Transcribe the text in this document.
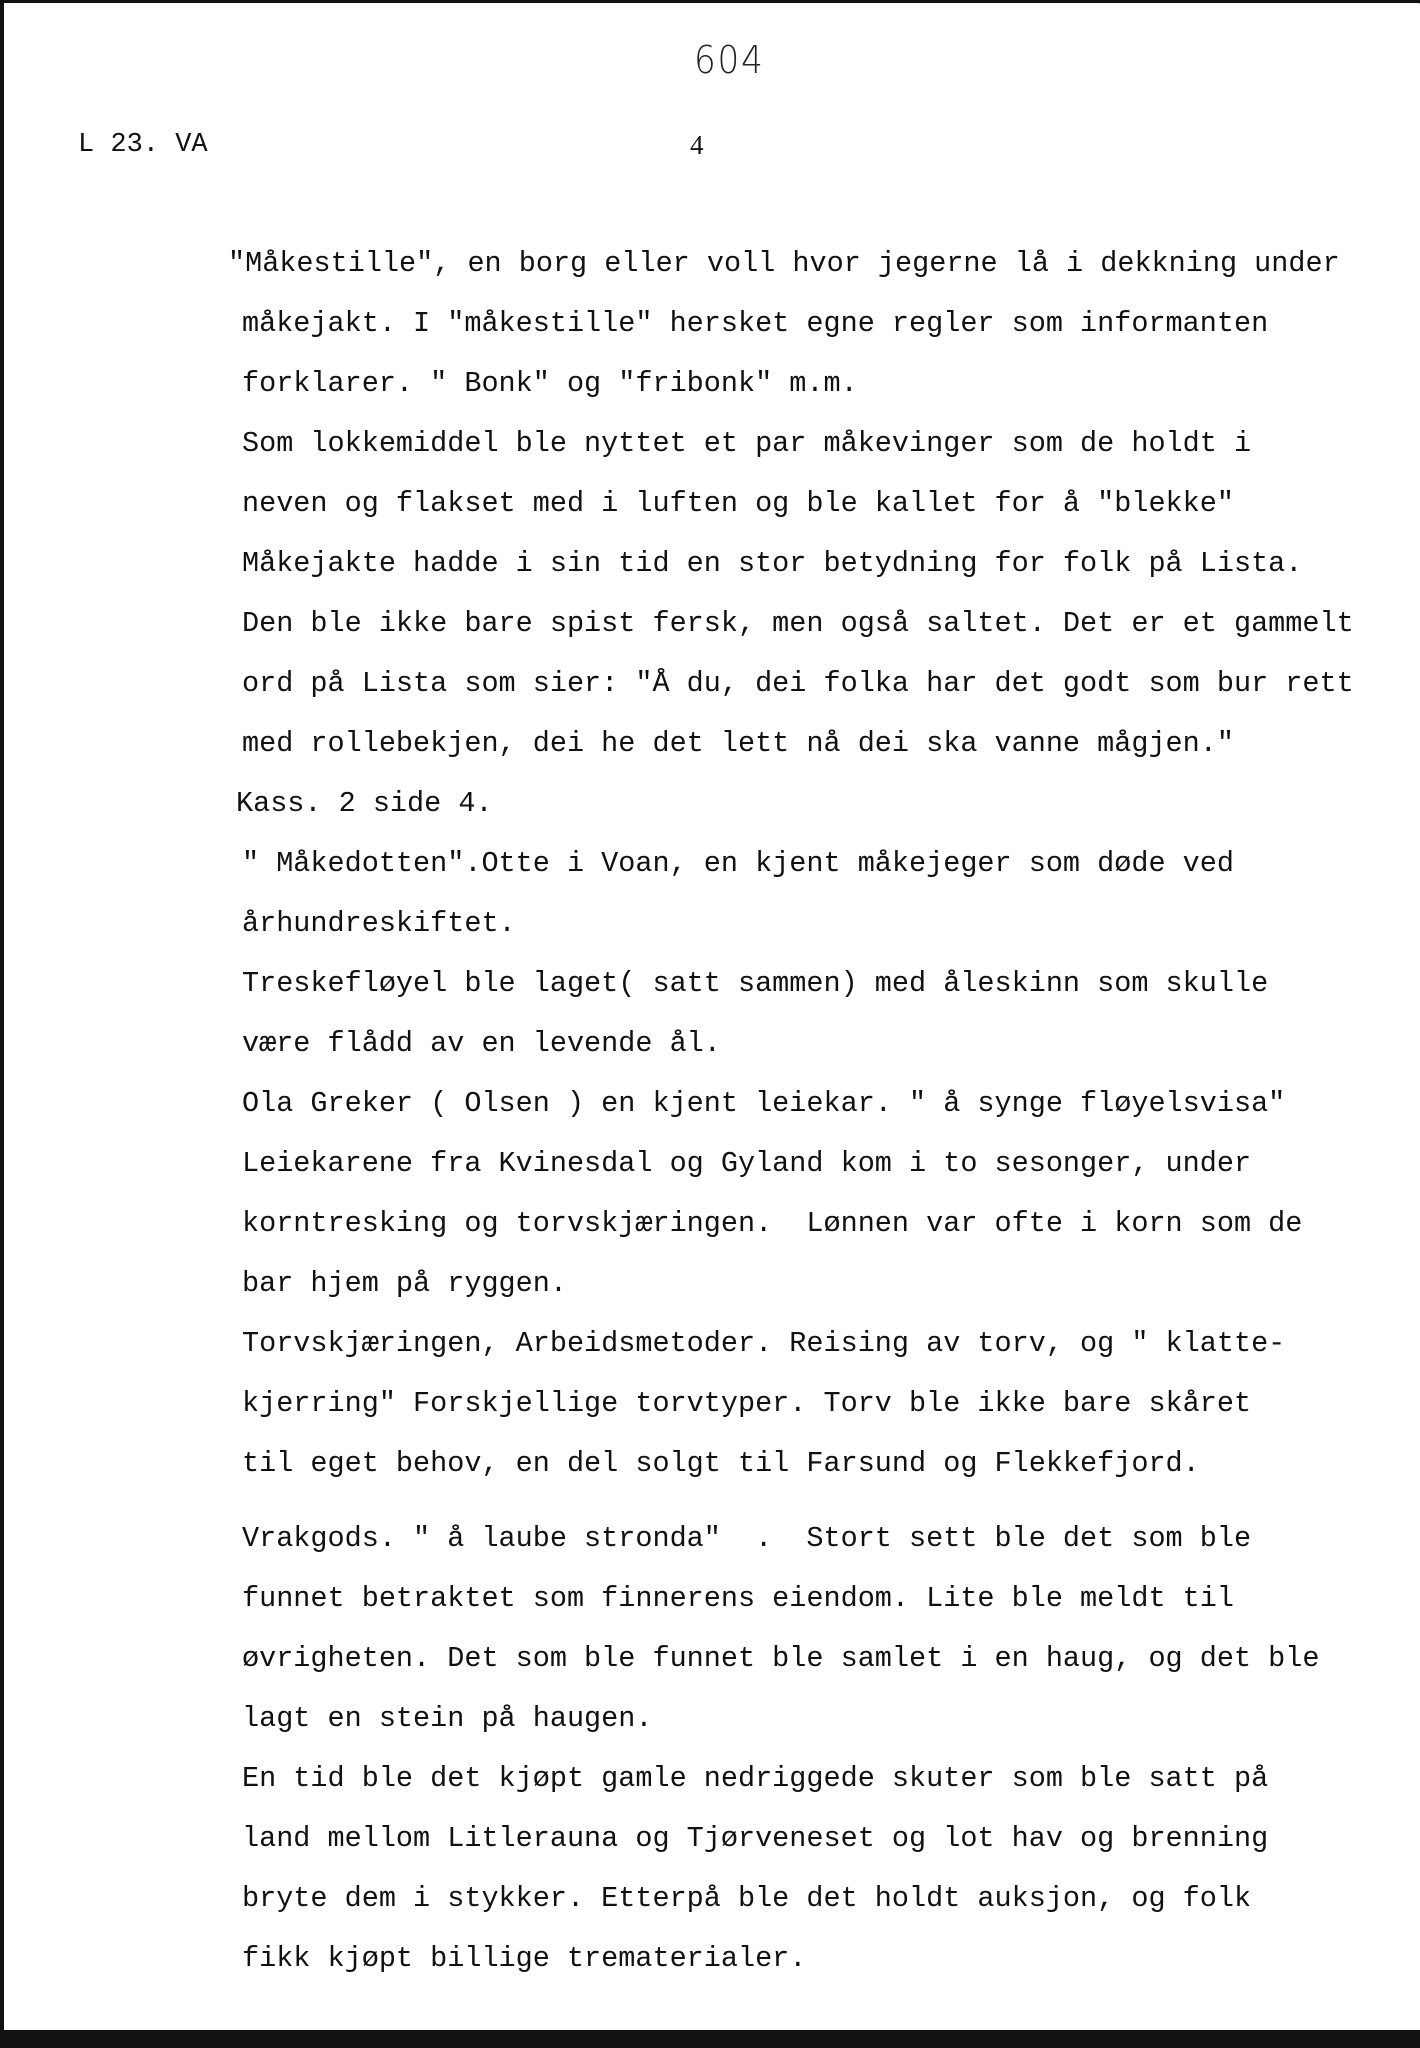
604
L 23. VA	4
"Måkestille", en borg eller voll hvor jegerne lå i dekkning under
måkejakt. I "måkestille" hersket egne regler som informanten
forklarer. " Bonk" og "fribonk" m.m.
Som lokkemiddel ble nyttet et par måkevinger som de holdt i
neven og flakset med i luften og ble kallet for å "blekke"
Måkejakte hadde i sin tid en stor betydning for folk på Lista.
Den ble ikke bare spist fersk, men også saltet. Det er et gammelt
ord på Lista som sier: "Å du, dei folka har det godt som bur rett
med rollebekjen, dei he det lett nå dei ska vanne mågjen."
Kass. 2 side 4.
" Måkedotten".Otte i Voan, en kjent måkejeger som døde ved
århundreskiftet.
Treskefløyel ble laget( satt sammen) med åleskinn som skulle
være flådd av en levende ål.
Ola Greker ( Olsen ) en kjent leiekar. " å synge fløyelsvisa"
Leiekarene fra Kvinesdal og Gyland kom i to sesonger, under
korntresking og torvskjæringen.  Lønnen var ofte i korn som de
bar hjem på ryggen.
Torvskjæringen, Arbeidsmetoder. Reising av torv, og " klatte-
kjerring" Forskjellige torvtyper. Torv ble ikke bare skåret
til eget behov, en del solgt til Farsund og Flekkefjord.
Vrakgods. " å laube stronda"  .  Stort sett ble det som ble
funnet betraktet som finnerens eiendom. Lite ble meldt til
øvrigheten. Det som ble funnet ble samlet i en haug, og det ble
lagt en stein på haugen.
En tid ble det kjøpt gamle nedriggede skuter som ble satt på
land mellom Litlerauna og Tjørveneset og lot hav og brenning
bryte dem i stykker. Etterpå ble det holdt auksjon, og folk
fikk kjøpt billige trematerialer.
